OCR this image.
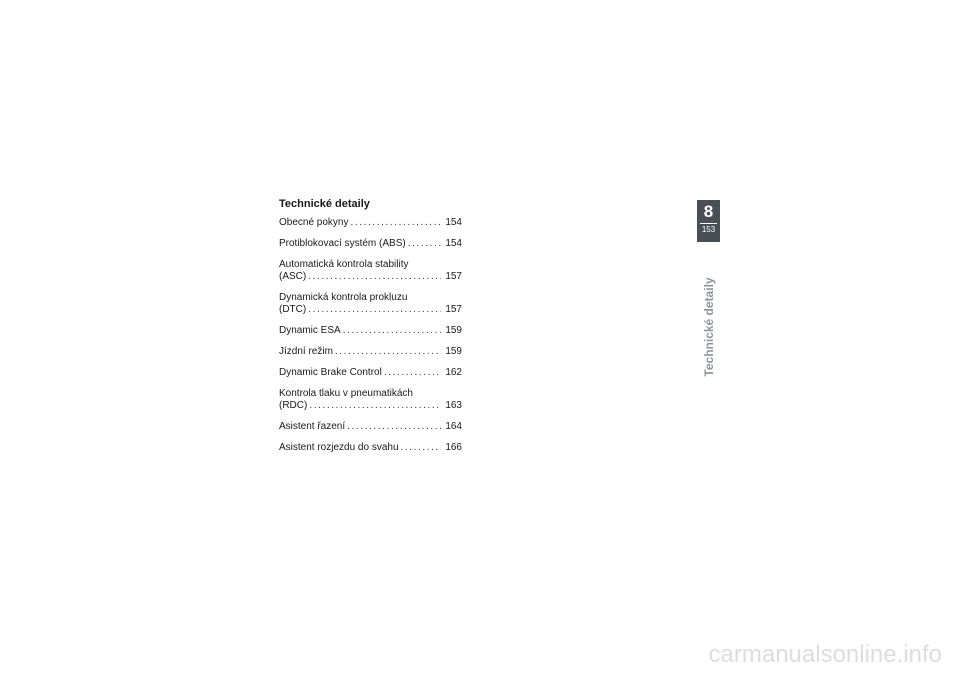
Technické detaily
Obecné pokyny .....	154
Protiblokovací systém (ABS) .....	154
Automatická kontrola stability
(ASC) .....	157
Dynamická kontrola prokluzu
(DTC) .....	157
Dynamic ESA .....	159
Jízdní režim .....	159
Dynamic Brake Control .....	162
Kontrola tlaku v pneumatikách
(RDC) .....	163
Asistent řazení .....	164
Asistent rozjezdu do svahu .....	166
8
153
Technické detaily
carmanualsonline.info
